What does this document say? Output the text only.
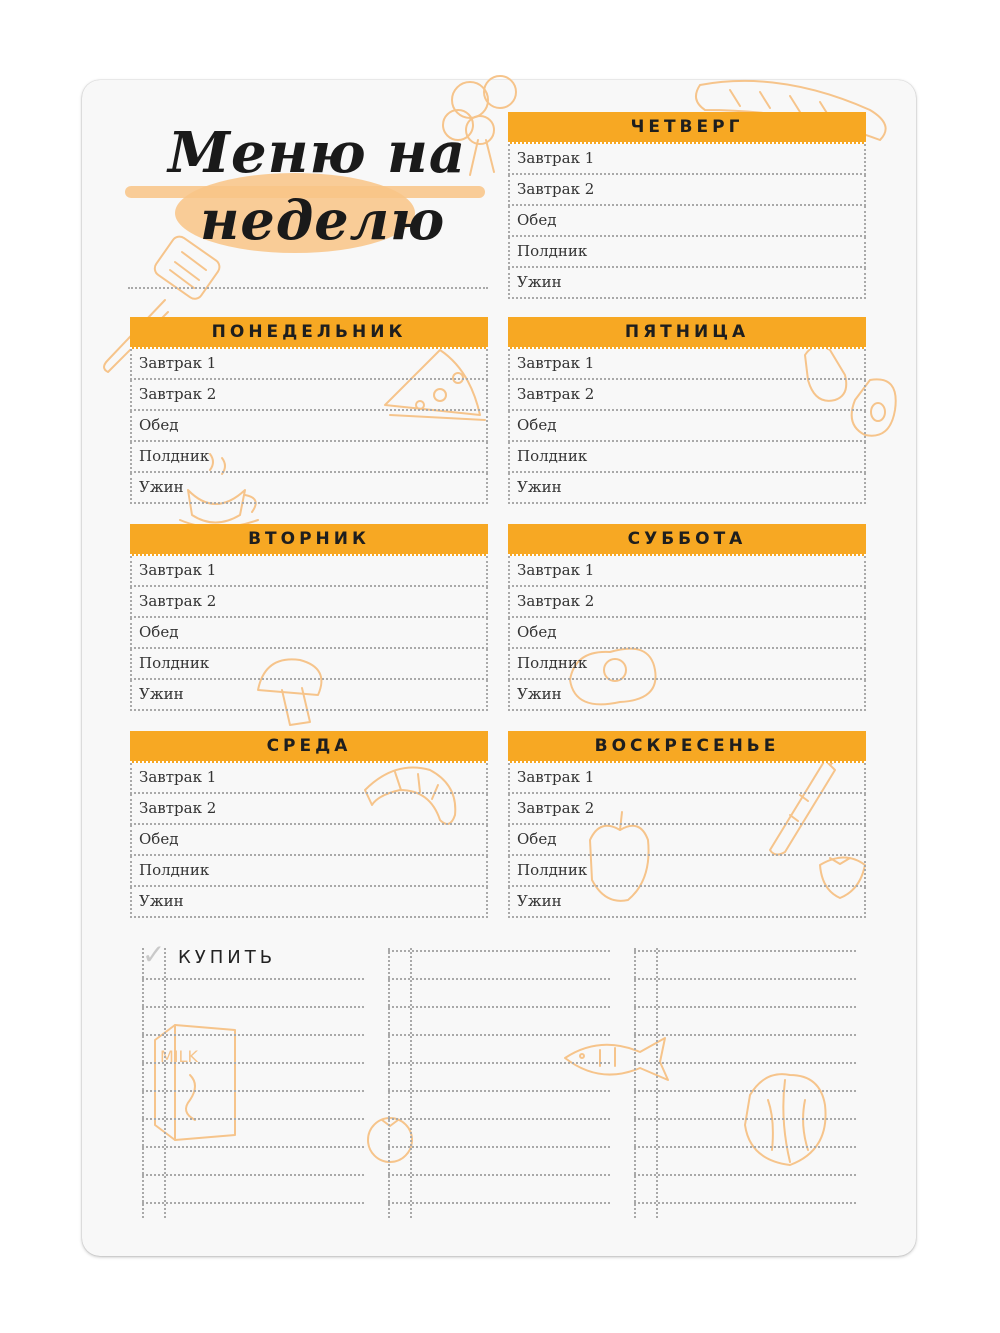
MILK
Меню на
неделю
ЧЕТВЕРГ
Завтрак 1
Завтрак 2
Обед
Полдник
Ужин
ПОНЕДЕЛЬНИК
Завтрак 1
Завтрак 2
Обед
Полдник
Ужин
ПЯТНИЦА
Завтрак 1
Завтрак 2
Обед
Полдник
Ужин
ВТОРНИК
Завтрак 1
Завтрак 2
Обед
Полдник
Ужин
СУББОТА
Завтрак 1
Завтрак 2
Обед
Полдник
Ужин
СРЕДА
Завтрак 1
Завтрак 2
Обед
Полдник
Ужин
ВОСКРЕСЕНЬЕ
Завтрак 1
Завтрак 2
Обед
Полдник
Ужин
✓ КУПИТЬ
